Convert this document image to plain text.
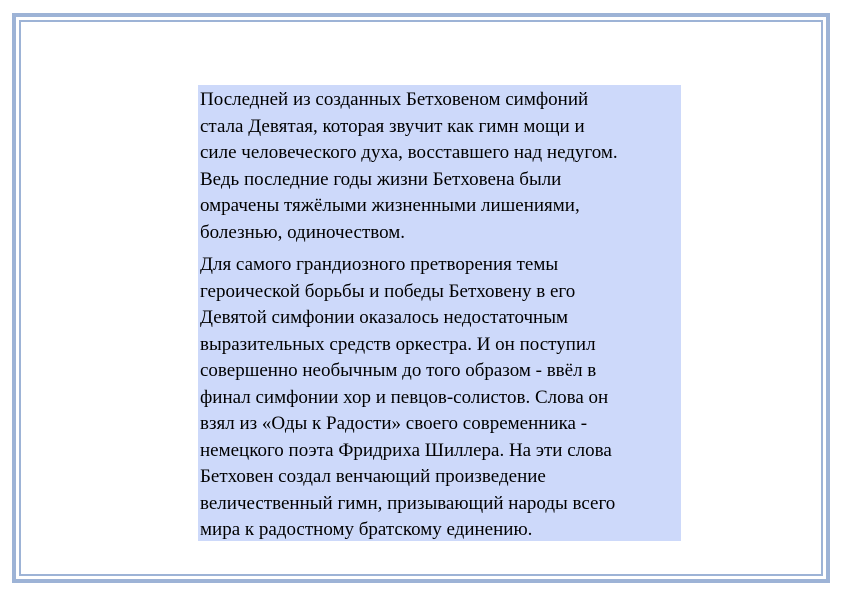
Последней из созданных Бетховеном симфоний
стала Девятая, которая звучит как гимн мощи и
силе человеческого духа, восставшего над недугом.
Ведь последние годы жизни Бетховена были
омрачены тяжёлыми жизненными лишениями,
болезнью, одиночеством.

Для самого грандиозного претворения темы
героической борьбы и победы Бетховену в его
Девятой симфонии оказалось недостаточным
выразительных средств оркестра. И он поступил
совершенно необычным до того образом - ввёл в
финал симфонии хор и певцов-солистов. Слова он
взял из «Оды к Радости» своего современника -
немецкого поэта Фридриха Шиллера. На эти слова
Бетховен создал венчающий произведение
величественный гимн, призывающий народы всего
мира к радостному братскому единению.
